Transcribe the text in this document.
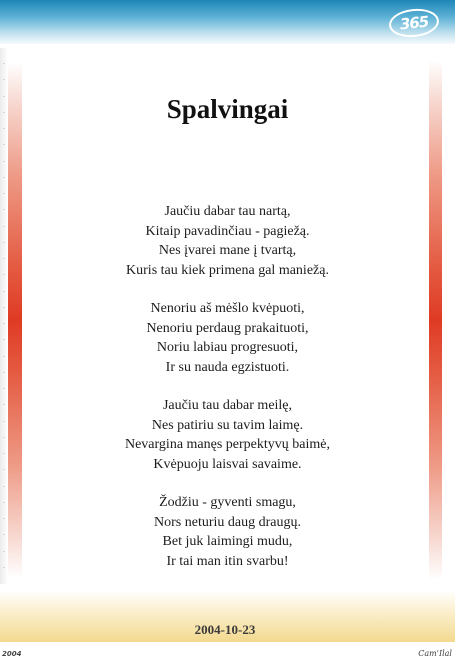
365
·
·
·
·
·
·
·
·
·
·
·
·
·
·
·
·
·
·
·
·
·
·
·
·
·
·
·
·
·
·
·
·
Spalvingai
Jaučiu dabar tau nartą,
Kitaip pavadinčiau - pagiežą.
Nes įvarei mane į tvartą,
Kuris tau kiek primena gal maniežą.
Nenoriu aš mėšlo kvėpuoti,
Nenoriu perdaug prakaituoti,
Noriu labiau progresuoti,
Ir su nauda egzistuoti.
Jaučiu tau dabar meilę,
Nes patiriu su tavim laimę.
Nevargina manęs perpektyvų baimė,
Kvėpuoju laisvai savaime.
Žodžiu - gyventi smagu,
Nors neturiu daug draugų.
Bet juk laimingi mudu,
Ir tai man itin svarbu!
2004-10-23
2004	Cam'Ilal
